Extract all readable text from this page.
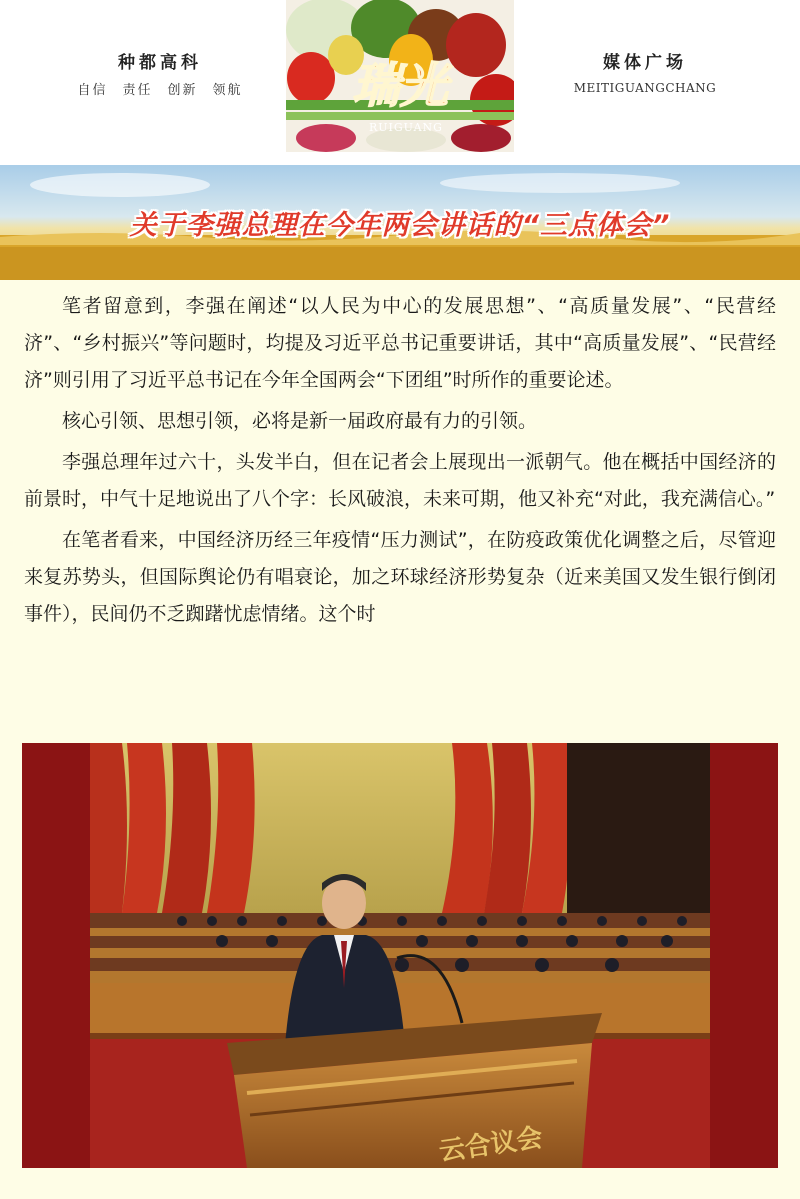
种都高科
自信　责任　创新　领航	瑞光
RUIGUANG
媒体广场
MEITIGUANGCHANG
关于李强总理在今年两会讲话的“三点体会”

笔者留意到，李强在阐述“以人民为中心的发展思想”、“高质量发展”、“民营经济”、“乡村振兴”等问题时，均提及习近平总书记重要讲话，其中“高质量发展”、“民营经济”则引用了习近平总书记在今年全国两会“下团组”时所作的重要论述。

核心引领、思想引领，必将是新一届政府最有力的引领。

李强总理年过六十，头发半白，但在记者会上展现出一派朝气。他在概括中国经济的前景时，中气十足地说出了八个字：长风破浪，未来可期，他又补充“对此，我充满信心。”

在笔者看来，中国经济历经三年疫情“压力测试”，在防疫政策优化调整之后，尽管迎来复苏势头，但国际舆论仍有唱衰论，加之环球经济形势复杂（近来美国又发生银行倒闭事件），民间仍不乏踟躇忧虑情绪。这个时

云合议会
